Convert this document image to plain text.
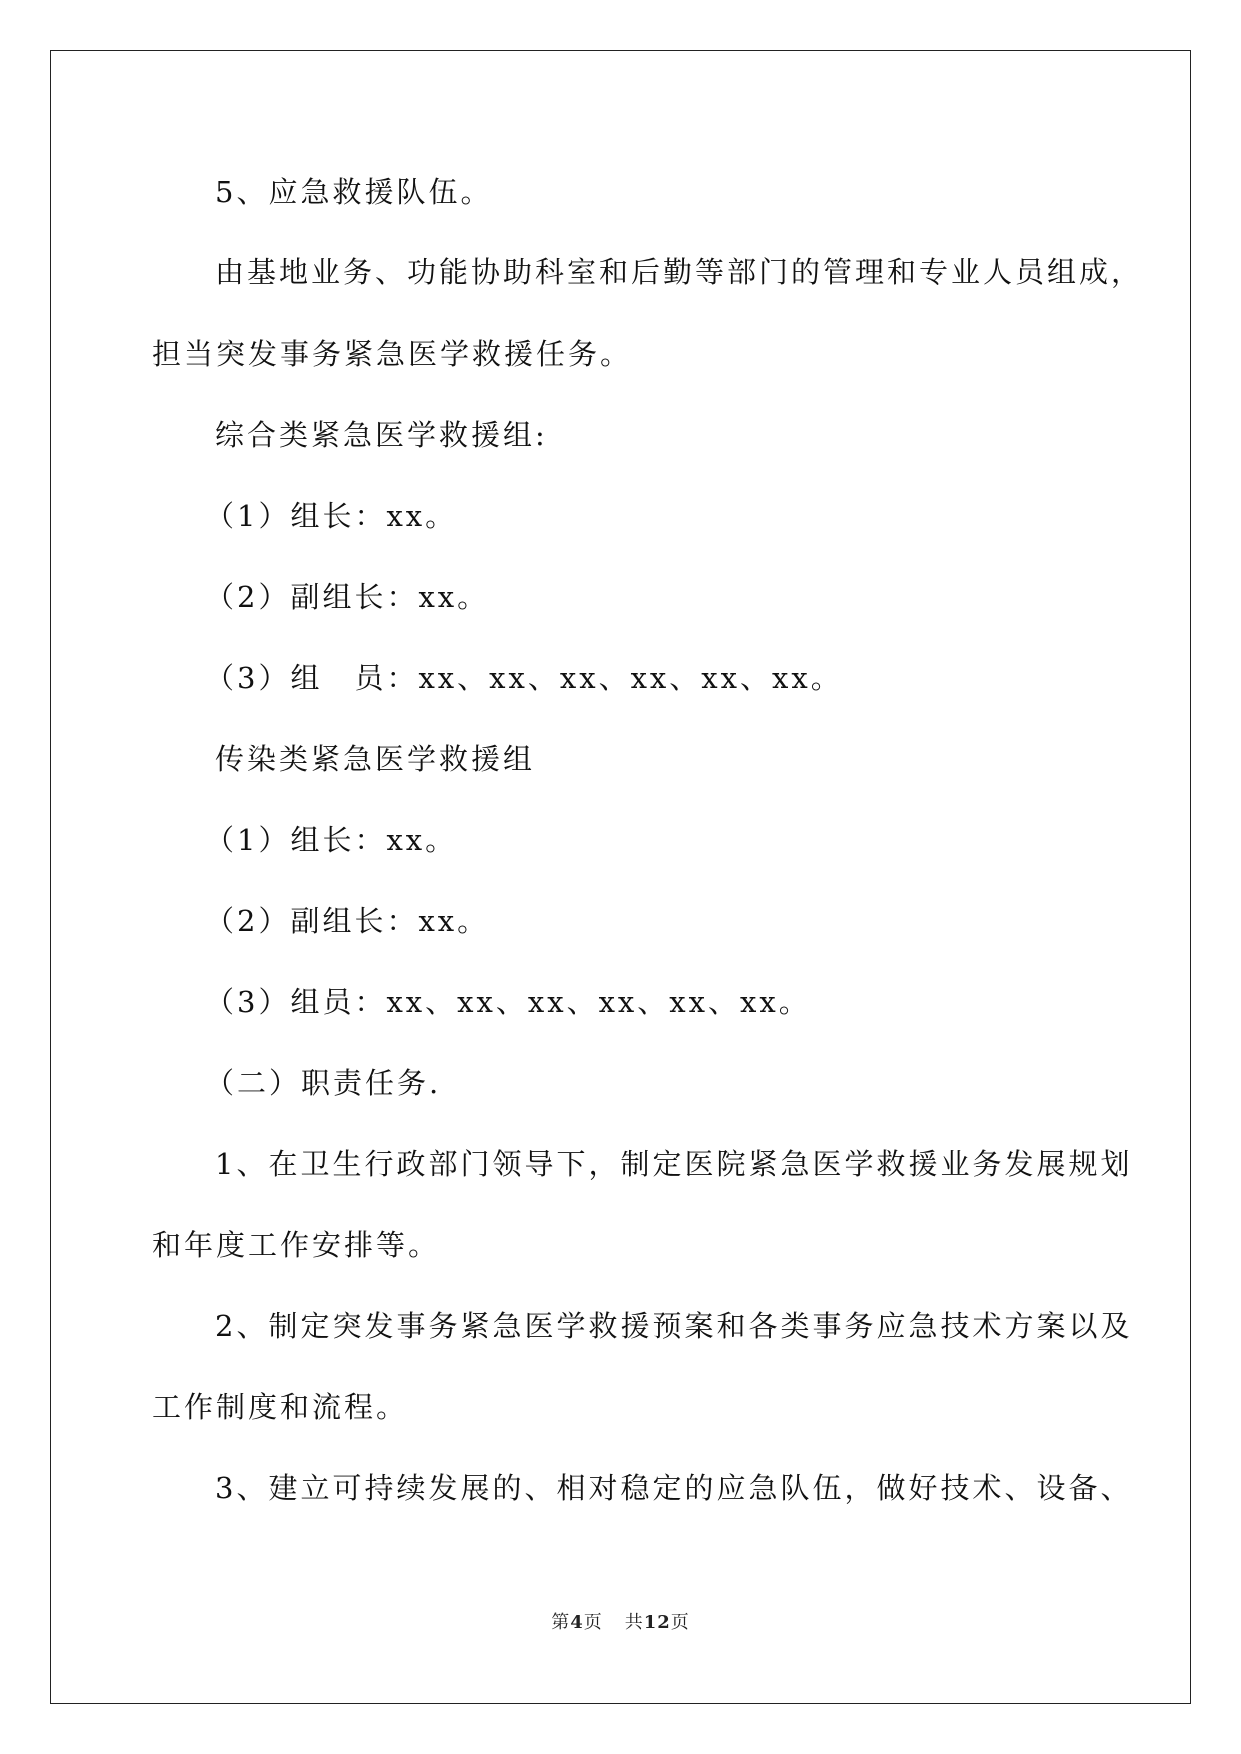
5、应急救援队伍。
由基地业务、功能协助科室和后勤等部门的管理和专业人员组成，
担当突发事务紧急医学救援任务。
综合类紧急医学救援组:
（1）组长：xx。
（2）副组长：xx。
（3）组　员：xx、xx、xx、xx、xx、xx。
传染类紧急医学救援组
（1）组长：xx。
（2）副组长：xx。
（3）组员：xx、xx、xx、xx、xx、xx。
（二）职责任务.
1、在卫生行政部门领导下，制定医院紧急医学救援业务发展规划
和年度工作安排等。
2、制定突发事务紧急医学救援预案和各类事务应急技术方案以及
工作制度和流程。
3、建立可持续发展的、相对稳定的应急队伍，做好技术、设备、
第4页 共12页
